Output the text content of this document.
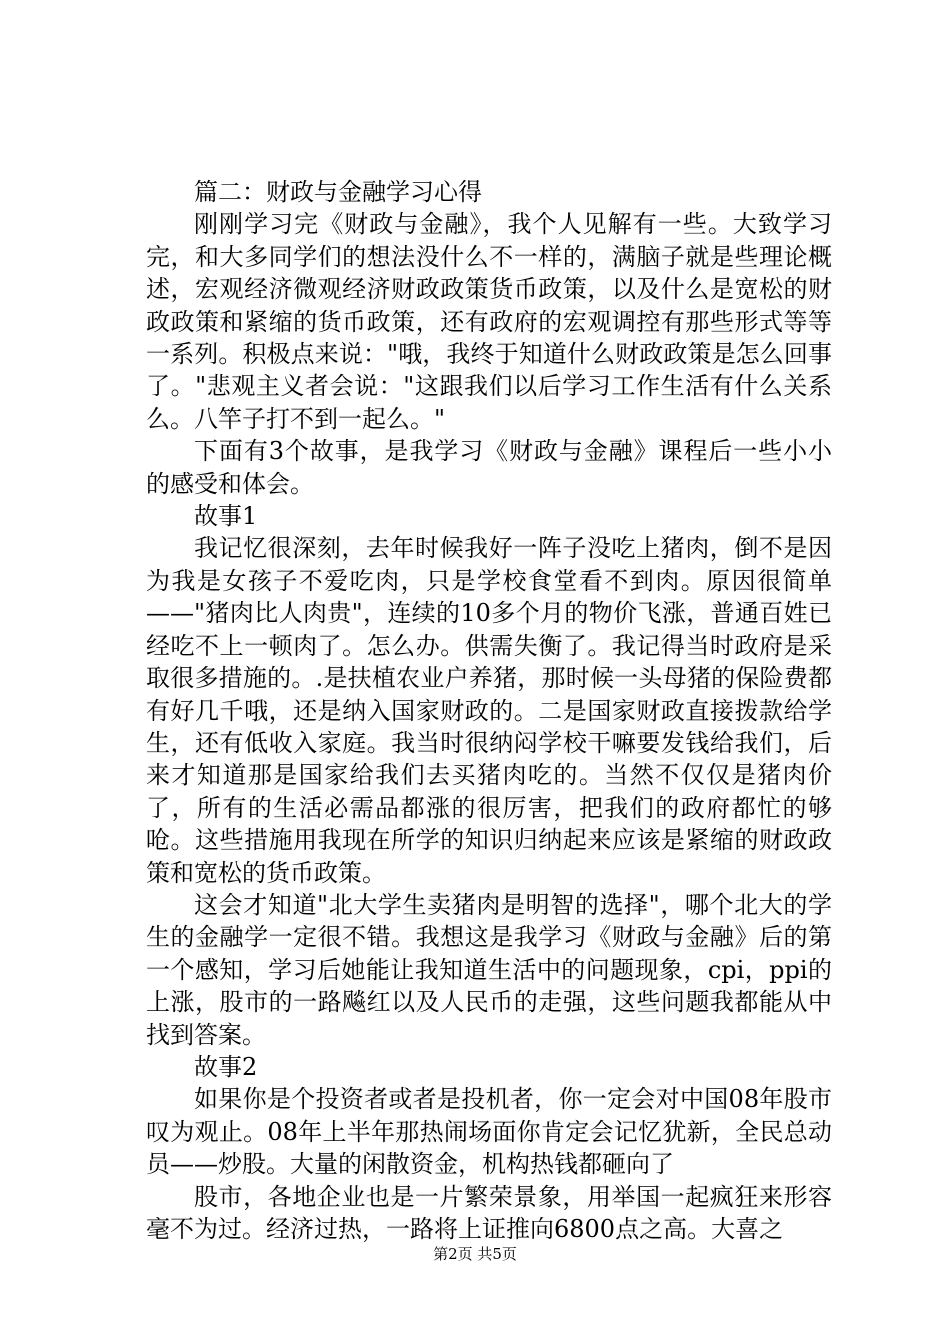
篇二：财政与金融学习心得

刚刚学习完《财政与金融》，我个人见解有一些。大致学习完，和大多同学们的想法没什么不一样的，满脑子就是些理论概述，宏观经济微观经济财政政策货币政策，以及什么是宽松的财政政策和紧缩的货币政策，还有政府的宏观调控有那些形式等等一系列。积极点来说："哦，我终于知道什么财政政策是怎么回事了。"悲观主义者会说："这跟我们以后学习工作生活有什么关系么。八竿子打不到一起么。"

下面有3个故事，是我学习《财政与金融》课程后一些小小的感受和体会。

故事1

我记忆很深刻，去年时候我好一阵子没吃上猪肉，倒不是因为我是女孩子不爱吃肉，只是学校食堂看不到肉。原因很简单——"猪肉比人肉贵"，连续的10多个月的物价飞涨，普通百姓已经吃不上一顿肉了。怎么办。供需失衡了。我记得当时政府是采取很多措施的。.是扶植农业户养猪，那时候一头母猪的保险费都有好几千哦，还是纳入国家财政的。二是国家财政直接拨款给学生，还有低收入家庭。我当时很纳闷学校干嘛要发钱给我们，后来才知道那是国家给我们去买猪肉吃的。当然不仅仅是猪肉价了，所有的生活必需品都涨的很厉害，把我们的政府都忙的够呛。这些措施用我现在所学的知识归纳起来应该是紧缩的财政政策和宽松的货币政策。

这会才知道"北大学生卖猪肉是明智的选择"，哪个北大的学生的金融学一定很不错。我想这是我学习《财政与金融》后的第一个感知，学习后她能让我知道生活中的问题现象，cpi，ppi的上涨，股市的一路飚红以及人民币的走强，这些问题我都能从中找到答案。

故事2

如果你是个投资者或者是投机者，你一定会对中国08年股市叹为观止。08年上半年那热闹场面你肯定会记忆犹新，全民总动员——炒股。大量的闲散资金，机构热钱都砸向了

股市，各地企业也是一片繁荣景象，用举国一起疯狂来形容毫不为过。经济过热，一路将上证推向6800点之高。大喜之

第2页 共5页
